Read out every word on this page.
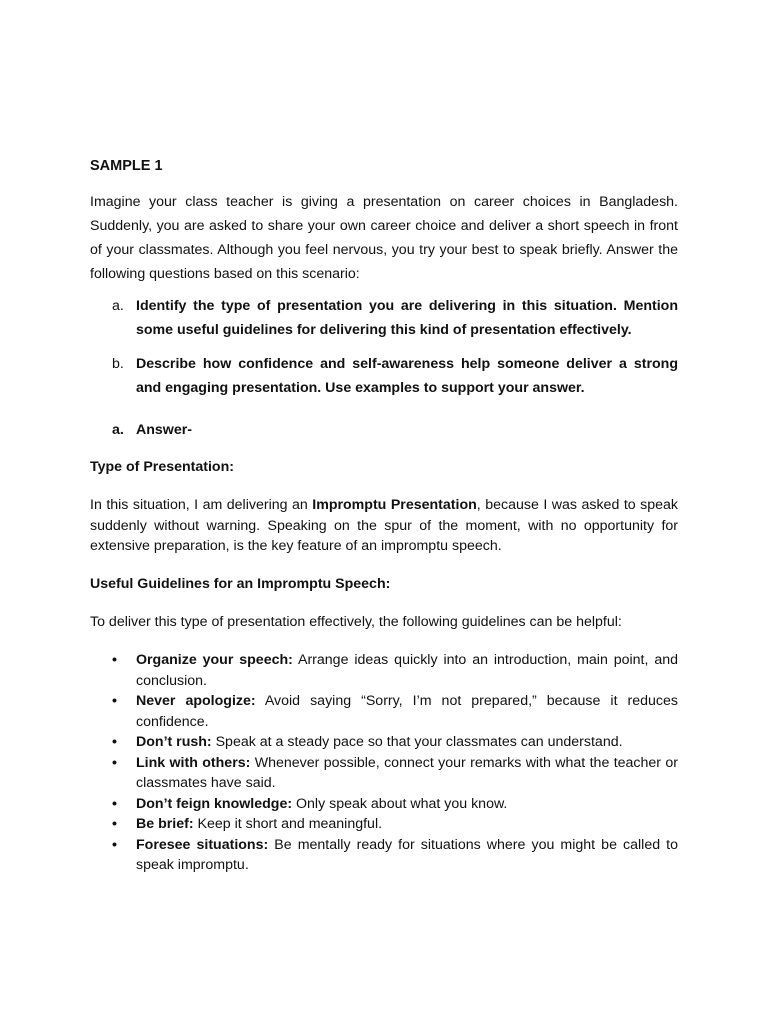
SAMPLE 1

Imagine your class teacher is giving a presentation on career choices in Bangladesh. Suddenly, you are asked to share your own career choice and deliver a short speech in front of your classmates. Although you feel nervous, you try your best to speak briefly. Answer the following questions based on this scenario:

a. Identify the type of presentation you are delivering in this situation. Mention some useful guidelines for delivering this kind of presentation effectively.
b. Describe how confidence and self-awareness help someone deliver a strong and engaging presentation. Use examples to support your answer.
a. Answer-
Type of Presentation:
In this situation, I am delivering an Impromptu Presentation, because I was asked to speak suddenly without warning. Speaking on the spur of the moment, with no opportunity for extensive preparation, is the key feature of an impromptu speech.
Useful Guidelines for an Impromptu Speech:
To deliver this type of presentation effectively, the following guidelines can be helpful:
• Organize your speech: Arrange ideas quickly into an introduction, main point, and conclusion.
• Never apologize: Avoid saying “Sorry, I’m not prepared,” because it reduces confidence.
• Don’t rush: Speak at a steady pace so that your classmates can understand.
• Link with others: Whenever possible, connect your remarks with what the teacher or classmates have said.
• Don’t feign knowledge: Only speak about what you know.
• Be brief: Keep it short and meaningful.
• Foresee situations: Be mentally ready for situations where you might be called to speak impromptu.
